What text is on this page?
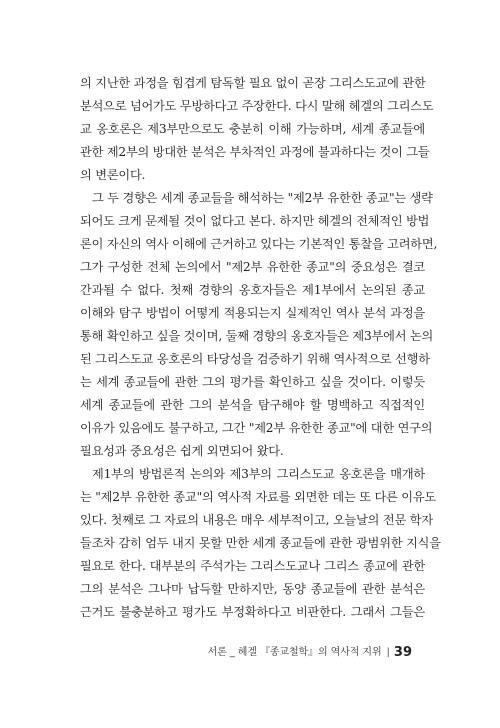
의 지난한 과정을 힘겹게 탐독할 필요 없이 곧장 그리스도교에 관한
분석으로 넘어가도 무방하다고 주장한다. 다시 말해 헤겔의 그리스도
교 옹호론은 제3부만으로도 충분히 이해 가능하며, 세계 종교들에
관한 제2부의 방대한 분석은 부차적인 과정에 불과하다는 것이 그들
의 변론이다.
그 두 경향은 세계 종교들을 해석하는 "제2부 유한한 종교"는 생략
되어도 크게 문제될 것이 없다고 본다. 하지만 헤겔의 전체적인 방법
론이 자신의 역사 이해에 근거하고 있다는 기본적인 통찰을 고려하면,
그가 구성한 전체 논의에서 "제2부 유한한 종교"의 중요성은 결코
간과될 수 없다. 첫째 경향의 옹호자들은 제1부에서 논의된 종교
이해와 탐구 방법이 어떻게 적용되는지 실제적인 역사 분석 과정을
통해 확인하고 싶을 것이며, 둘째 경향의 옹호자들은 제3부에서 논의
된 그리스도교 옹호론의 타당성을 검증하기 위해 역사적으로 선행하
는 세계 종교들에 관한 그의 평가를 확인하고 싶을 것이다. 이렇듯
세계 종교들에 관한 그의 분석을 탐구해야 할 명백하고 직접적인
이유가 있음에도 불구하고, 그간 "제2부 유한한 종교"에 대한 연구의
필요성과 중요성은 쉽게 외면되어 왔다.
제1부의 방법론적 논의와 제3부의 그리스도교 옹호론을 매개하
는 "제2부 유한한 종교"의 역사적 자료를 외면한 데는 또 다른 이유도
있다. 첫째로 그 자료의 내용은 매우 세부적이고, 오늘날의 전문 학자
들조차 감히 엄두 내지 못할 만한 세계 종교들에 관한 광범위한 지식을
필요로 한다. 대부분의 주석가는 그리스도교나 그리스 종교에 관한
그의 분석은 그나마 납득할 만하지만, 동양 종교들에 관한 분석은
근거도 불충분하고 평가도 부정확하다고 비판한다. 그래서 그들은
서론 _ 헤겔 『종교철학』의 역사적 지위 | 39
